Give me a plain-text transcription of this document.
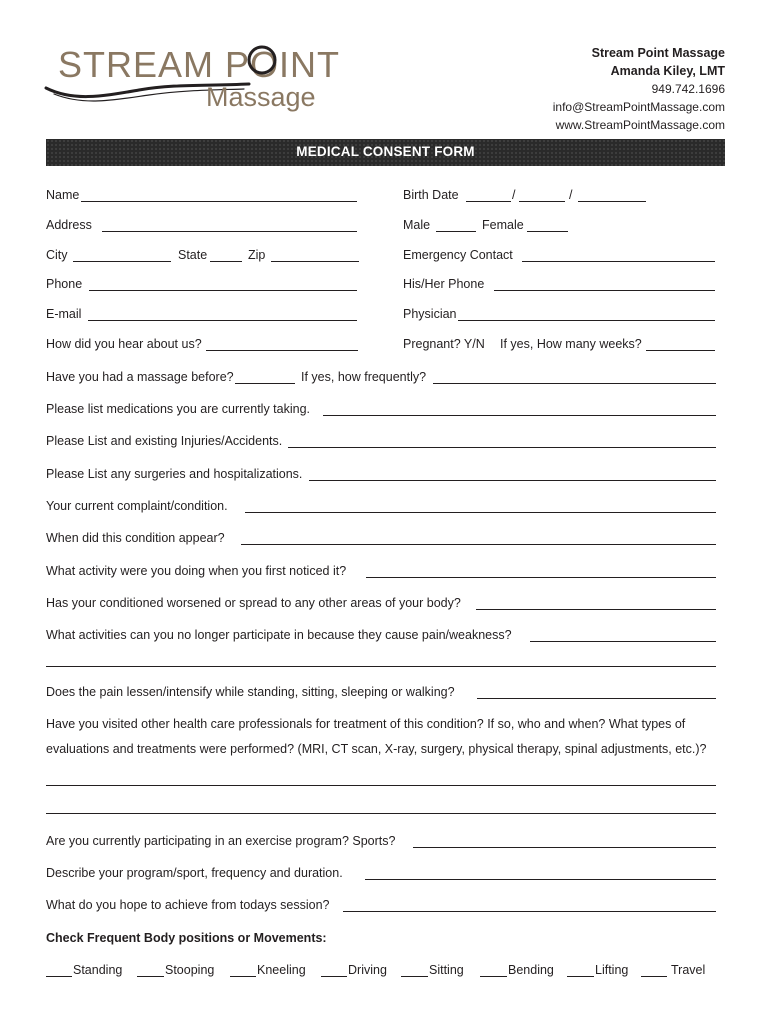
STREAM POINT
Massage
Stream Point Massage
Amanda Kiley, LMT
949.742.1696
info@StreamPointMassage.com
www.StreamPointMassage.com
MEDICAL CONSENT FORM
Name
Address
City	State	Zip
Phone
E-mail
How did you hear about us?
Birth Date	/	/
Male	Female
Emergency Contact
His/Her Phone
Physician
Pregnant? Y/N If yes, How many weeks?
Have you had a massage before?	If yes, how frequently?
Please list medications you are currently taking.
Please List and existing Injuries/Accidents.
Please List any surgeries and hospitalizations.
Your current complaint/condition.
When did this condition appear?
What activity were you doing when you first noticed it?
Has your conditioned worsened or spread to any other areas of your body?
What activities can you no longer participate in because they cause pain/weakness?
Does the pain lessen/intensify while standing, sitting, sleeping or walking?
Have you visited other health care professionals for treatment of this condition? If so, who and when? What types of
evaluations and treatments were performed? (MRI, CT scan, X-ray, surgery, physical therapy, spinal adjustments, etc.)?
Are you currently participating in an exercise program? Sports?
Describe your program/sport, frequency and duration.
What do you hope to achieve from todays session?
Check Frequent Body positions or Movements:
Standing	Stooping	Kneeling	Driving	Sitting	Bending	Lifting	Travel
